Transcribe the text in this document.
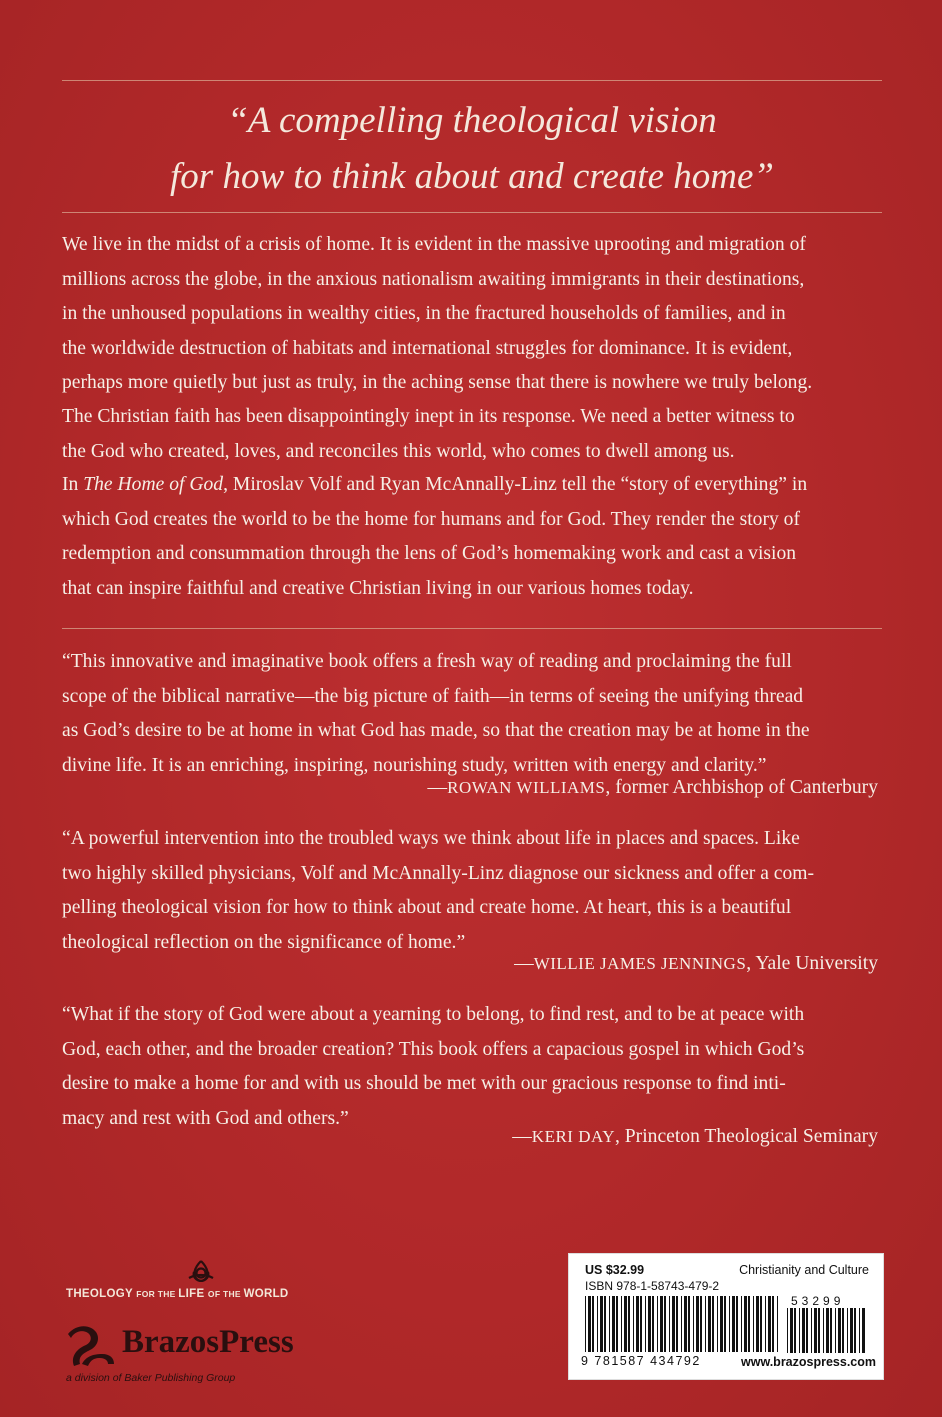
“A compelling theological vision
for how to think about and create home”
We live in the midst of a crisis of home. It is evident in the massive uprooting and migration of
millions across the globe, in the anxious nationalism awaiting immigrants in their destinations,
in the unhoused populations in wealthy cities, in the fractured households of families, and in
the worldwide destruction of habitats and international struggles for dominance. It is evident,
perhaps more quietly but just as truly, in the aching sense that there is nowhere we truly belong.
The Christian faith has been disappointingly inept in its response. We need a better witness to
the God who created, loves, and reconciles this world, who comes to dwell among us.
In The Home of God, Miroslav Volf and Ryan McAnnally-Linz tell the “story of everything” in
which God creates the world to be the home for humans and for God. They render the story of
redemption and consummation through the lens of God’s homemaking work and cast a vision
that can inspire faithful and creative Christian living in our various homes today.
“This innovative and imaginative book offers a fresh way of reading and proclaiming the full
scope of the biblical narrative—the big picture of faith—in terms of seeing the unifying thread
as God’s desire to be at home in what God has made, so that the creation may be at home in the
divine life. It is an enriching, inspiring, nourishing study, written with energy and clarity.”
—ROWAN WILLIAMS, former Archbishop of Canterbury
“A powerful intervention into the troubled ways we think about life in places and spaces. Like
two highly skilled physicians, Volf and McAnnally-Linz diagnose our sickness and offer a com-
pelling theological vision for how to think about and create home. At heart, this is a beautiful
theological reflection on the significance of home.”
—WILLIE JAMES JENNINGS, Yale University
“What if the story of God were about a yearning to belong, to find rest, and to be at peace with
God, each other, and the broader creation? This book offers a capacious gospel in which God’s
desire to make a home for and with us should be met with our gracious response to find inti-
macy and rest with God and others.”
—KERI DAY, Princeton Theological Seminary
THEOLOGY FOR THE LIFE OF THE WORLD
BrazosPress
a division of Baker Publishing Group
US $32.99	Christianity and Culture
ISBN 978-1-58743-479-2
53299
9 781587 434792	www.brazospress.com
